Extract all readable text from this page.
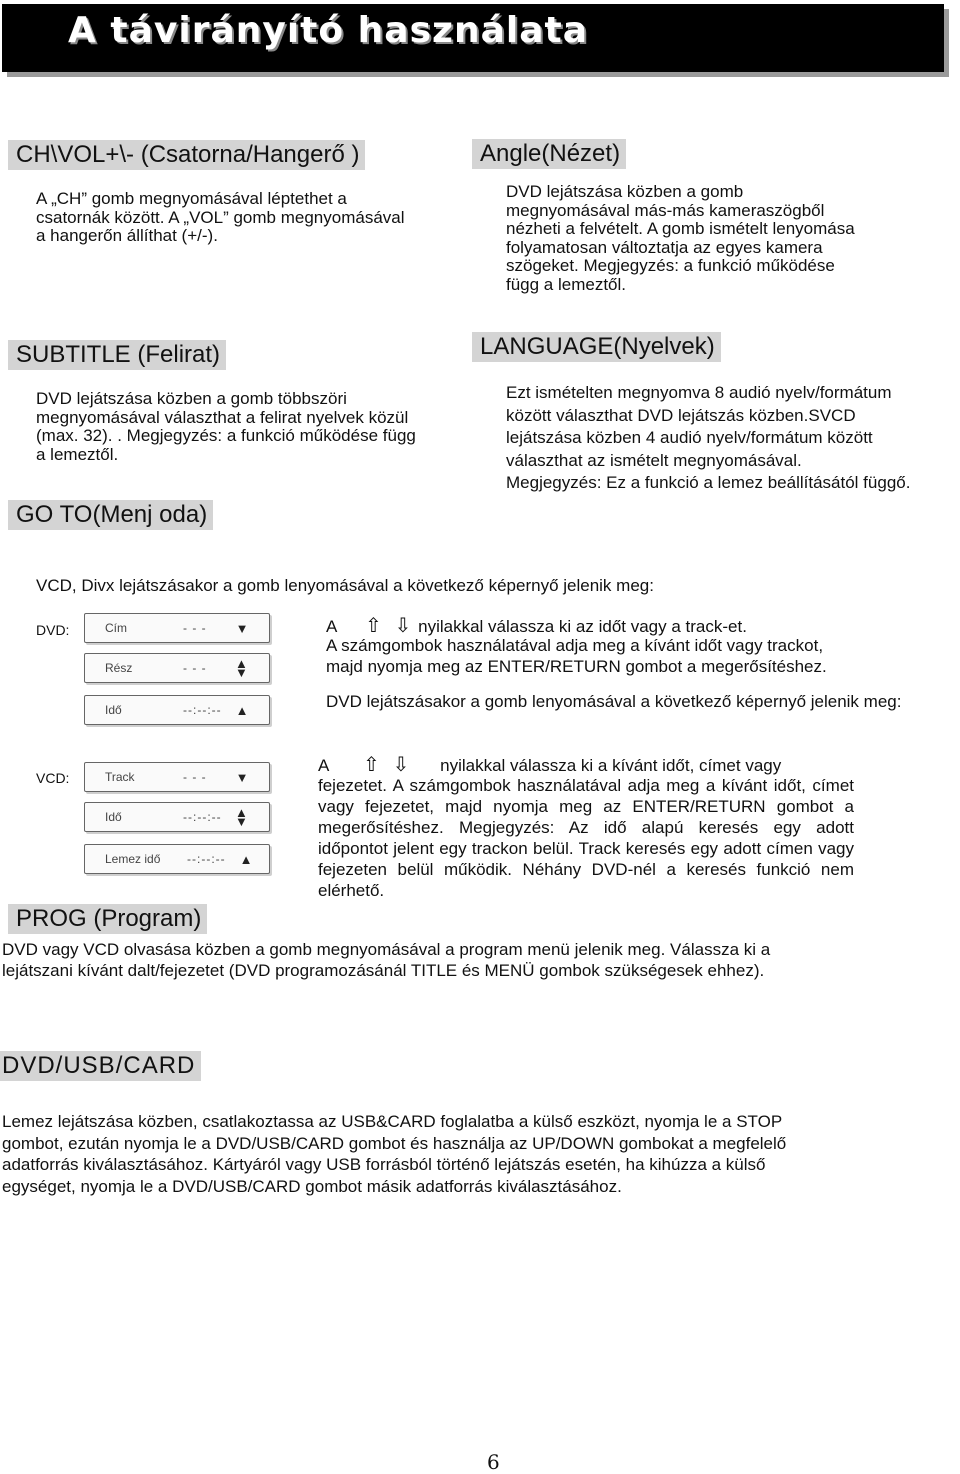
A távirányító használata
CH\VOL+\- (Csatorna/Hangerő )
A „CH” gomb megnyomásával léptethet a
csatornák között. A „VOL” gomb megnyomásával
a hangerőn állíthat (+/-).
Angle(Nézet)
DVD lejátszása közben a gomb
megnyomásával más-más kameraszögből
nézheti a felvételt. A gomb ismételt lenyomása
folyamatosan változtatja az egyes kamera
szögeket. Megjegyzés: a funkció működése
függ a lemeztől.
SUBTITLE (Felirat)
DVD lejátszása közben a gomb többszöri
megnyomásával választhat a felirat nyelvek közül
(max. 32). . Megjegyzés: a funkció működése függ
a lemeztől.
LANGUAGE(Nyelvek)
Ezt ismételten megnyomva 8 audió nyelv/formátum
között választhat DVD lejátszás közben.SVCD
lejátszása közben 4 audió nyelv/formátum között
választhat az ismételt megnyomásával.
Megjegyzés: Ez a funkció a lemez beállításától függő.
GO TO(Menj oda)
VCD, Divx lejátszásakor a gomb lenyomásával a következő képernyő jelenik meg:
DVD:	Cím	- - -	▼
Rész	- - -	▲▼
Idő	--:--:--	▲
A ⇧ ⇩ nyilakkal válassza ki az időt vagy a track-et.
A számgombok használatával adja meg a kívánt időt vagy trackot,
majd nyomja meg az ENTER/RETURN gombot a megerősítéshez.
DVD lejátszásakor a gomb lenyomásával a következő képernyő jelenik meg:
VCD:	Track	- - -	▼
Idő	--:--:--	▲▼
Lemez idő	--:--:--	▲
A ⇧ ⇩ nyilakkal válassza ki a kívánt időt, címet vagy
fejezetet. A számgombok használatával adja meg a kívánt időt, címet vagy fejezetet, majd nyomja meg az ENTER/RETURN gombot a megerősítéshez. Megjegyzés: Az idő alapú keresés egy adott időpontot jelent egy trackon belül. Track keresés egy adott címen vagy fejezeten belül működik. Néhány DVD-nél a keresés funkció nem elérhető.
PROG (Program)
DVD vagy VCD olvasása közben a gomb megnyomásával a program menü jelenik meg. Válassza ki a
lejátszani kívánt dalt/fejezetet (DVD programozásánál TITLE és MENÜ gombok szükségesek ehhez).
DVD/USB/CARD
Lemez lejátszása közben, csatlakoztassa az USB&CARD foglalatba a külső eszközt, nyomja le a STOP
gombot, ezután nyomja le a DVD/USB/CARD gombot és használja az UP/DOWN gombokat a megfelelő
adatforrás kiválasztásához. Kártyáról vagy USB forrásból történő lejátszás esetén, ha kihúzza a külső
egységet, nyomja le a DVD/USB/CARD gombot másik adatforrás kiválasztásához.
6
